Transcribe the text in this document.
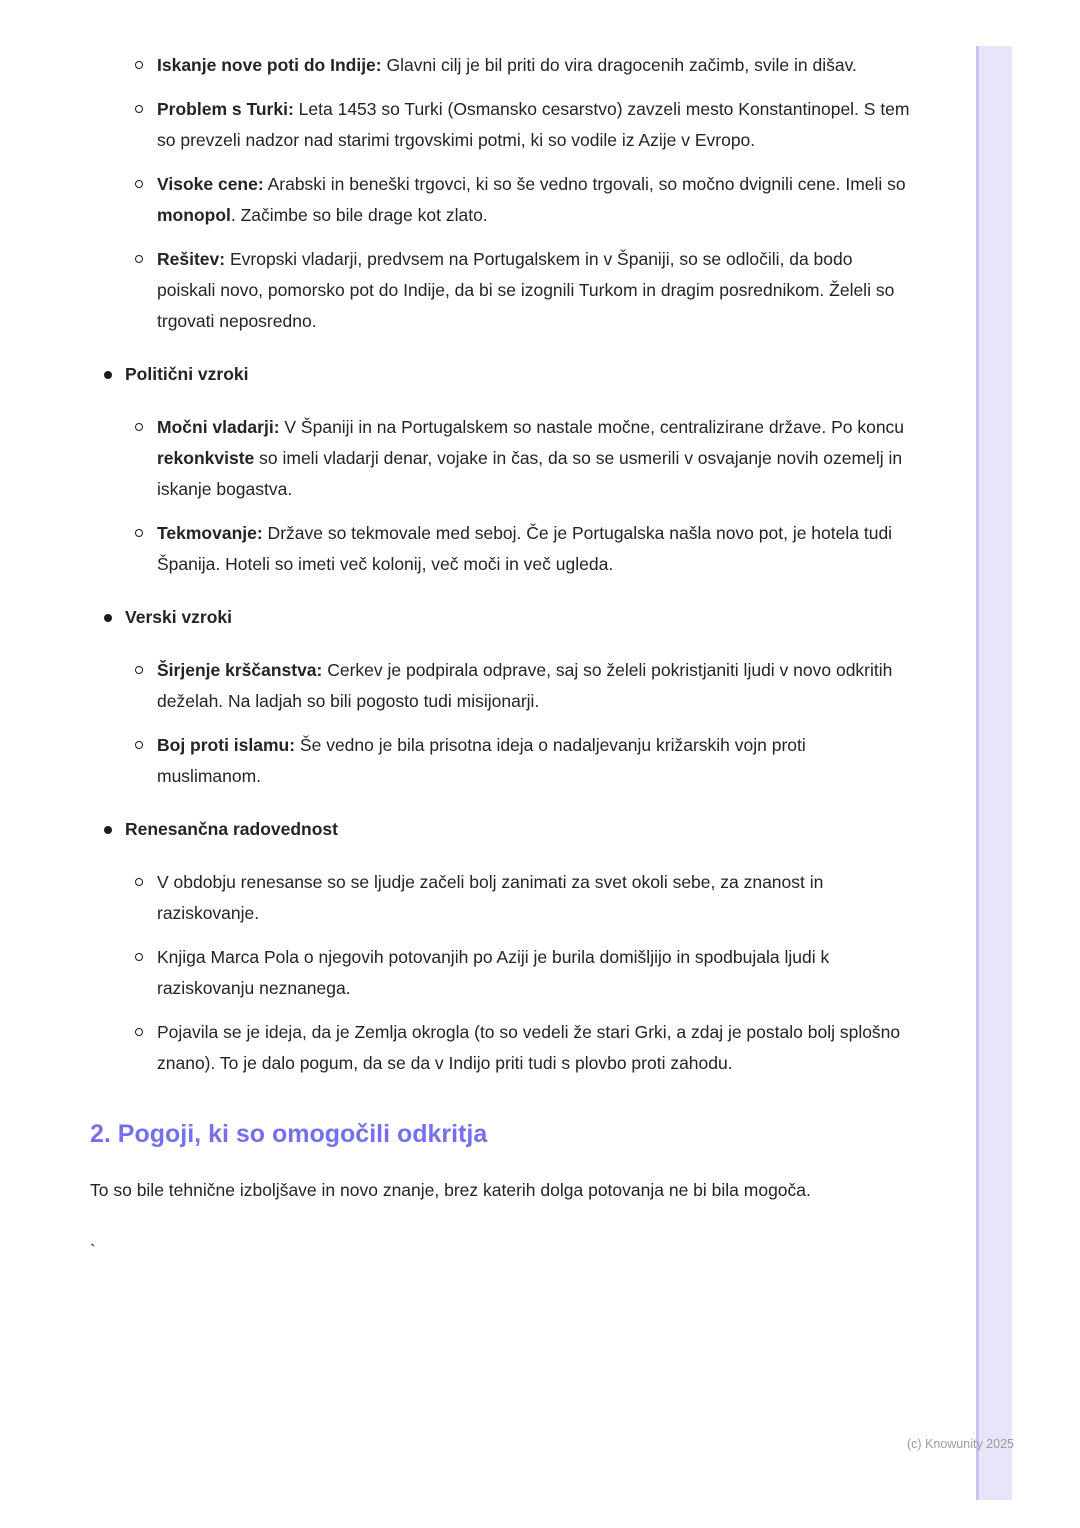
Iskanje nove poti do Indije: Glavni cilj je bil priti do vira dragocenih začimb, svile in dišav.

Problem s Turki: Leta 1453 so Turki (Osmansko cesarstvo) zavzeli mesto Konstantinopel. S tem so prevzeli nadzor nad starimi trgovskimi potmi, ki so vodile iz Azije v Evropo.

Visoke cene: Arabski in beneški trgovci, ki so še vedno trgovali, so močno dvignili cene. Imeli so monopol. Začimbe so bile drage kot zlato.

Rešitev: Evropski vladarji, predvsem na Portugalskem in v Španiji, so se odločili, da bodo poiskali novo, pomorsko pot do Indije, da bi se izognili Turkom in dragim posrednikom. Želeli so trgovati neposredno.

Politični vzroki

Močni vladarji: V Španiji in na Portugalskem so nastale močne, centralizirane države. Po koncu rekonkviste so imeli vladarji denar, vojake in čas, da so se usmerili v osvajanje novih ozemelj in iskanje bogastva.

Tekmovanje: Države so tekmovale med seboj. Če je Portugalska našla novo pot, je hotela tudi Španija. Hoteli so imeti več kolonij, več moči in več ugleda.

Verski vzroki

Širjenje krščanstva: Cerkev je podpirala odprave, saj so želeli pokristjaniti ljudi v novo odkritih deželah. Na ladjah so bili pogosto tudi misijonarji.

Boj proti islamu: Še vedno je bila prisotna ideja o nadaljevanju križarskih vojn proti muslimanom.

Renesančna radovednost

V obdobju renesanse so se ljudje začeli bolj zanimati za svet okoli sebe, za znanost in raziskovanje.

Knjiga Marca Pola o njegovih potovanjih po Aziji je burila domišljijo in spodbujala ljudi k raziskovanju neznanega.

Pojavila se je ideja, da je Zemlja okrogla (to so vedeli že stari Grki, a zdaj je postalo bolj splošno znano). To je dalo pogum, da se da v Indijo priti tudi s plovbo proti zahodu.

2. Pogoji, ki so omogočili odkritja

To so bile tehnične izboljšave in novo znanje, brez katerih dolga potovanja ne bi bila mogoča.

`

(c) Knowunity 2025
